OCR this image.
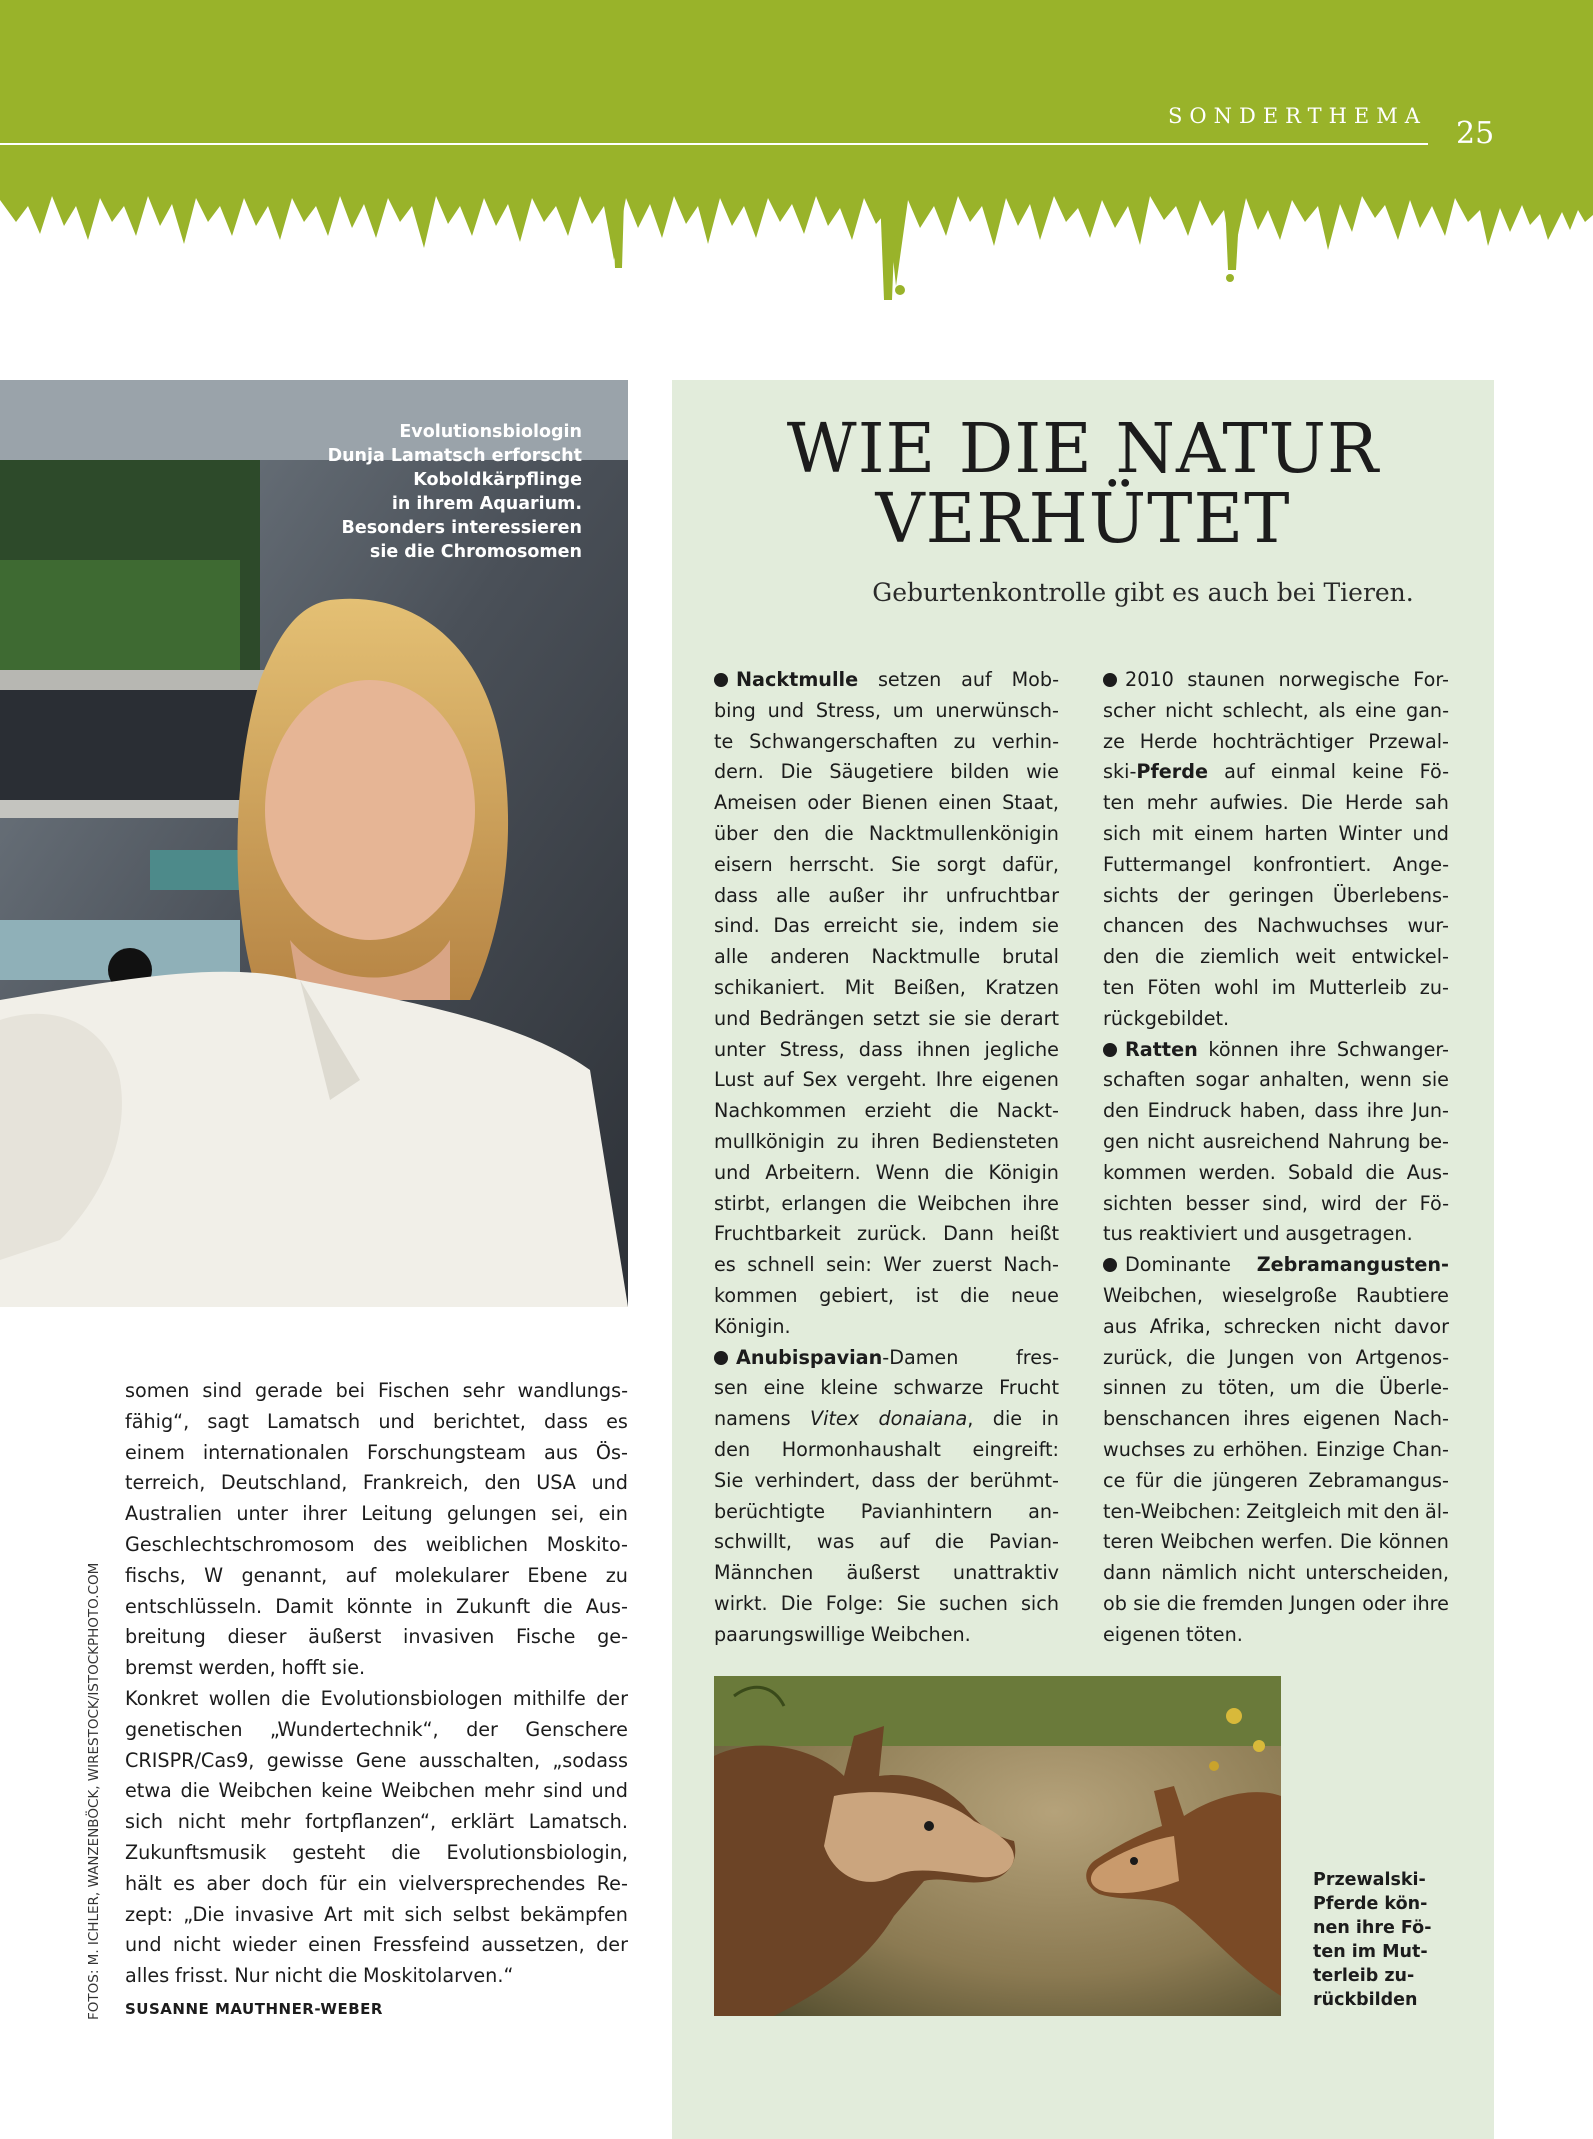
SONDERTHEMA 25
Evolutionsbiologin
Dunja Lamatsch erforscht
Koboldkärpflinge
in ihrem Aquarium.
Besonders interessieren
sie die Chromosomen
somen sind gerade bei Fischen sehr wandlungs-
fähig“, sagt Lamatsch und berichtet, dass es
einem internationalen Forschungsteam aus Ös-
terreich, Deutschland, Frankreich, den USA und
Australien unter ihrer Leitung gelungen sei, ein
Geschlechtschromosom des weiblichen Moskito-
fischs, W genannt, auf molekularer Ebene zu
entschlüsseln. Damit könnte in Zukunft die Aus-
breitung dieser äußerst invasiven Fische ge-
bremst werden, hofft sie.
Konkret wollen die Evolutionsbiologen mithilfe der
genetischen „Wundertechnik“, der Genschere
CRISPR/Cas9, gewisse Gene ausschalten, „sodass
etwa die Weibchen keine Weibchen mehr sind und
sich nicht mehr fortpflanzen“, erklärt Lamatsch.
Zukunftsmusik gesteht die Evolutionsbiologin,
hält es aber doch für ein vielversprechendes Re-
zept: „Die invasive Art mit sich selbst bekämpfen
und nicht wieder einen Fressfeind aussetzen, der
alles frisst. Nur nicht die Moskitolarven.“
SUSANNE MAUTHNER-WEBER
FOTOS: M. ICHLER, WANZENBÖCK, WIRESTOCK/ISTOCKPHOTO.COM
WIE DIE NATUR
VERHÜTET
Geburtenkontrolle gibt es auch bei Tieren.
Nacktmulle setzen auf Mob-
bing und Stress, um unerwünsch-
te Schwangerschaften zu verhin-
dern. Die Säugetiere bilden wie
Ameisen oder Bienen einen Staat,
über den die Nacktmullenkönigin
eisern herrscht. Sie sorgt dafür,
dass alle außer ihr unfruchtbar
sind. Das erreicht sie, indem sie
alle anderen Nacktmulle brutal
schikaniert. Mit Beißen, Kratzen
und Bedrängen setzt sie sie derart
unter Stress, dass ihnen jegliche
Lust auf Sex vergeht. Ihre eigenen
Nachkommen erzieht die Nackt-
mullkönigin zu ihren Bediensteten
und Arbeitern. Wenn die Königin
stirbt, erlangen die Weibchen ihre
Fruchtbarkeit zurück. Dann heißt
es schnell sein: Wer zuerst Nach-
kommen gebiert, ist die neue
Königin.
Anubispavian-Damen	fres-
sen eine kleine schwarze Frucht
namens Vitex donaiana, die in
den Hormonhaushalt eingreift:
Sie verhindert, dass der berühmt-
berüchtigte Pavianhintern an-
schwillt, was auf die Pavian-
Männchen äußerst unattraktiv
wirkt. Die Folge: Sie suchen sich
paarungswillige Weibchen.
2010 staunen norwegische For-
scher nicht schlecht, als eine gan-
ze Herde hochträchtiger Przewal-
ski-Pferde auf einmal keine Fö-
ten mehr aufwies. Die Herde sah
sich mit einem harten Winter und
Futtermangel konfrontiert. Ange-
sichts der geringen Überlebens-
chancen des Nachwuchses wur-
den die ziemlich weit entwickel-
ten Föten wohl im Mutterleib zu-
rückgebildet.
Ratten können ihre Schwanger-
schaften sogar anhalten, wenn sie
den Eindruck haben, dass ihre Jun-
gen nicht ausreichend Nahrung be-
kommen werden. Sobald die Aus-
sichten besser sind, wird der Fö-
tus reaktiviert und ausgetragen.
Dominante Zebramangusten-
Weibchen, wieselgroße Raubtiere
aus Afrika, schrecken nicht davor
zurück, die Jungen von Artgenos-
sinnen zu töten, um die Überle-
benschancen ihres eigenen Nach-
wuchses zu erhöhen. Einzige Chan-
ce für die jüngeren Zebramangus-
ten-Weibchen: Zeitgleich mit den äl-
teren Weibchen werfen. Die können
dann nämlich nicht unterscheiden,
ob sie die fremden Jungen oder ihre
eigenen töten.
Przewalski-
Pferde kön-
nen ihre Fö-
ten im Mut-
terleib zu-
rückbilden
